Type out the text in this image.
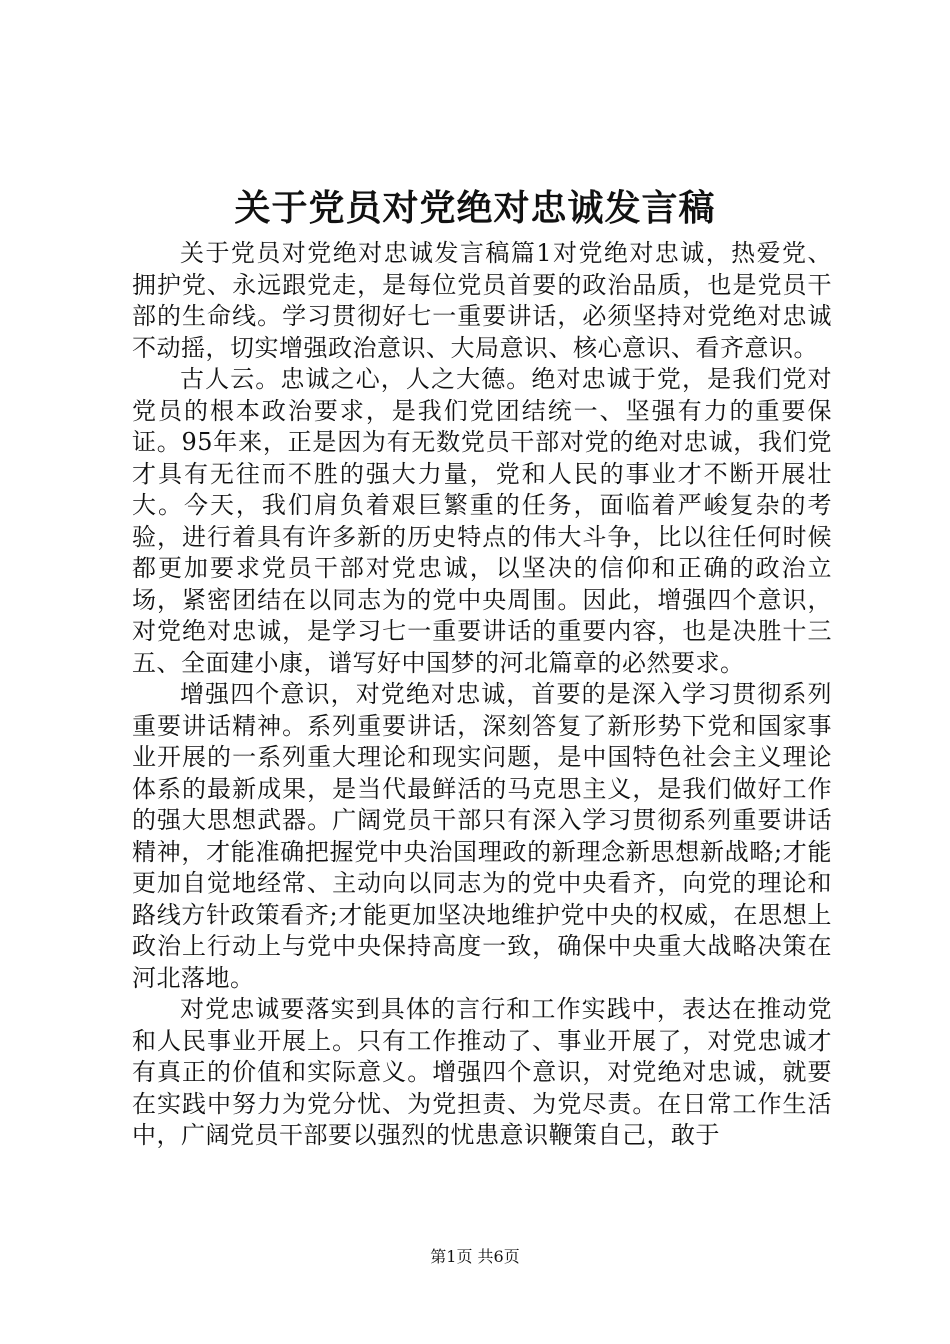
关于党员对党绝对忠诚发言稿

关于党员对党绝对忠诚发言稿篇1对党绝对忠诚，热爱党、拥护党、永远跟党走，是每位党员首要的政治品质，也是党员干部的生命线。学习贯彻好七一重要讲话，必须坚持对党绝对忠诚不动摇，切实增强政治意识、大局意识、核心意识、看齐意识。

古人云。忠诚之心，人之大德。绝对忠诚于党，是我们党对党员的根本政治要求，是我们党团结统一、坚强有力的重要保证。95年来，正是因为有无数党员干部对党的绝对忠诚，我们党才具有无往而不胜的强大力量，党和人民的事业才不断开展壮大。今天，我们肩负着艰巨繁重的任务，面临着严峻复杂的考验，进行着具有许多新的历史特点的伟大斗争，比以往任何时候都更加要求党员干部对党忠诚，以坚决的信仰和正确的政治立场，紧密团结在以同志为的党中央周围。因此，增强四个意识，对党绝对忠诚，是学习七一重要讲话的重要内容，也是决胜十三五、全面建小康，谱写好中国梦的河北篇章的必然要求。

增强四个意识，对党绝对忠诚，首要的是深入学习贯彻系列重要讲话精神。系列重要讲话，深刻答复了新形势下党和国家事业开展的一系列重大理论和现实问题，是中国特色社会主义理论体系的最新成果，是当代最鲜活的马克思主义，是我们做好工作的强大思想武器。广阔党员干部只有深入学习贯彻系列重要讲话精神，才能准确把握党中央治国理政的新理念新思想新战略;才能更加自觉地经常、主动向以同志为的党中央看齐，向党的理论和路线方针政策看齐;才能更加坚决地维护党中央的权威，在思想上政治上行动上与党中央保持高度一致，确保中央重大战略决策在河北落地。

对党忠诚要落实到具体的言行和工作实践中，表达在推动党和人民事业开展上。只有工作推动了、事业开展了，对党忠诚才有真正的价值和实际意义。增强四个意识，对党绝对忠诚，就要在实践中努力为党分忧、为党担责、为党尽责。在日常工作生活中，广阔党员干部要以强烈的忧患意识鞭策自己，敢于

第1页 共6页
